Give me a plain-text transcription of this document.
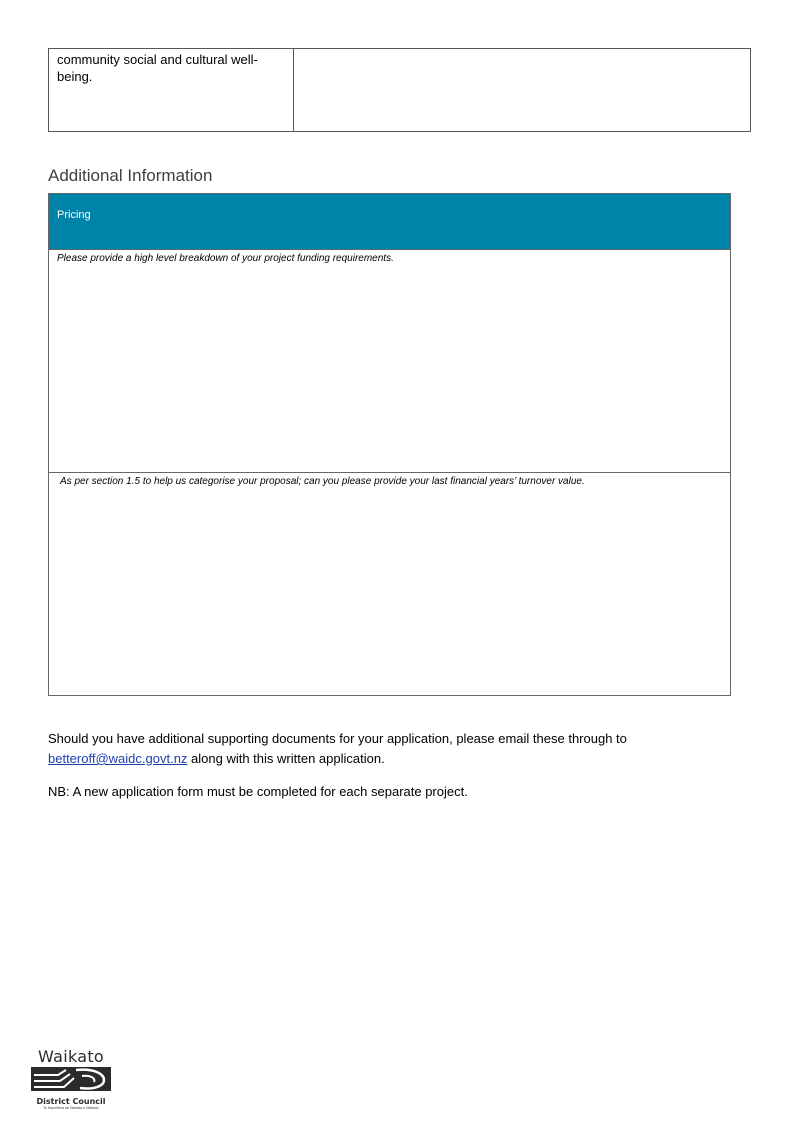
community social and cultural well-being.
Additional Information
Pricing
Please provide a high level breakdown of your project funding requirements.
As per section 1.5 to help us categorise your proposal; can you please provide your last financial years’ turnover value.

Should you have additional supporting documents for your application, please email these through to betteroff@waidc.govt.nz along with this written application.

NB: A new application form must be completed for each separate project.

Waikato
District Council
Te Kaunihera aa Takiwaa o Waikato
